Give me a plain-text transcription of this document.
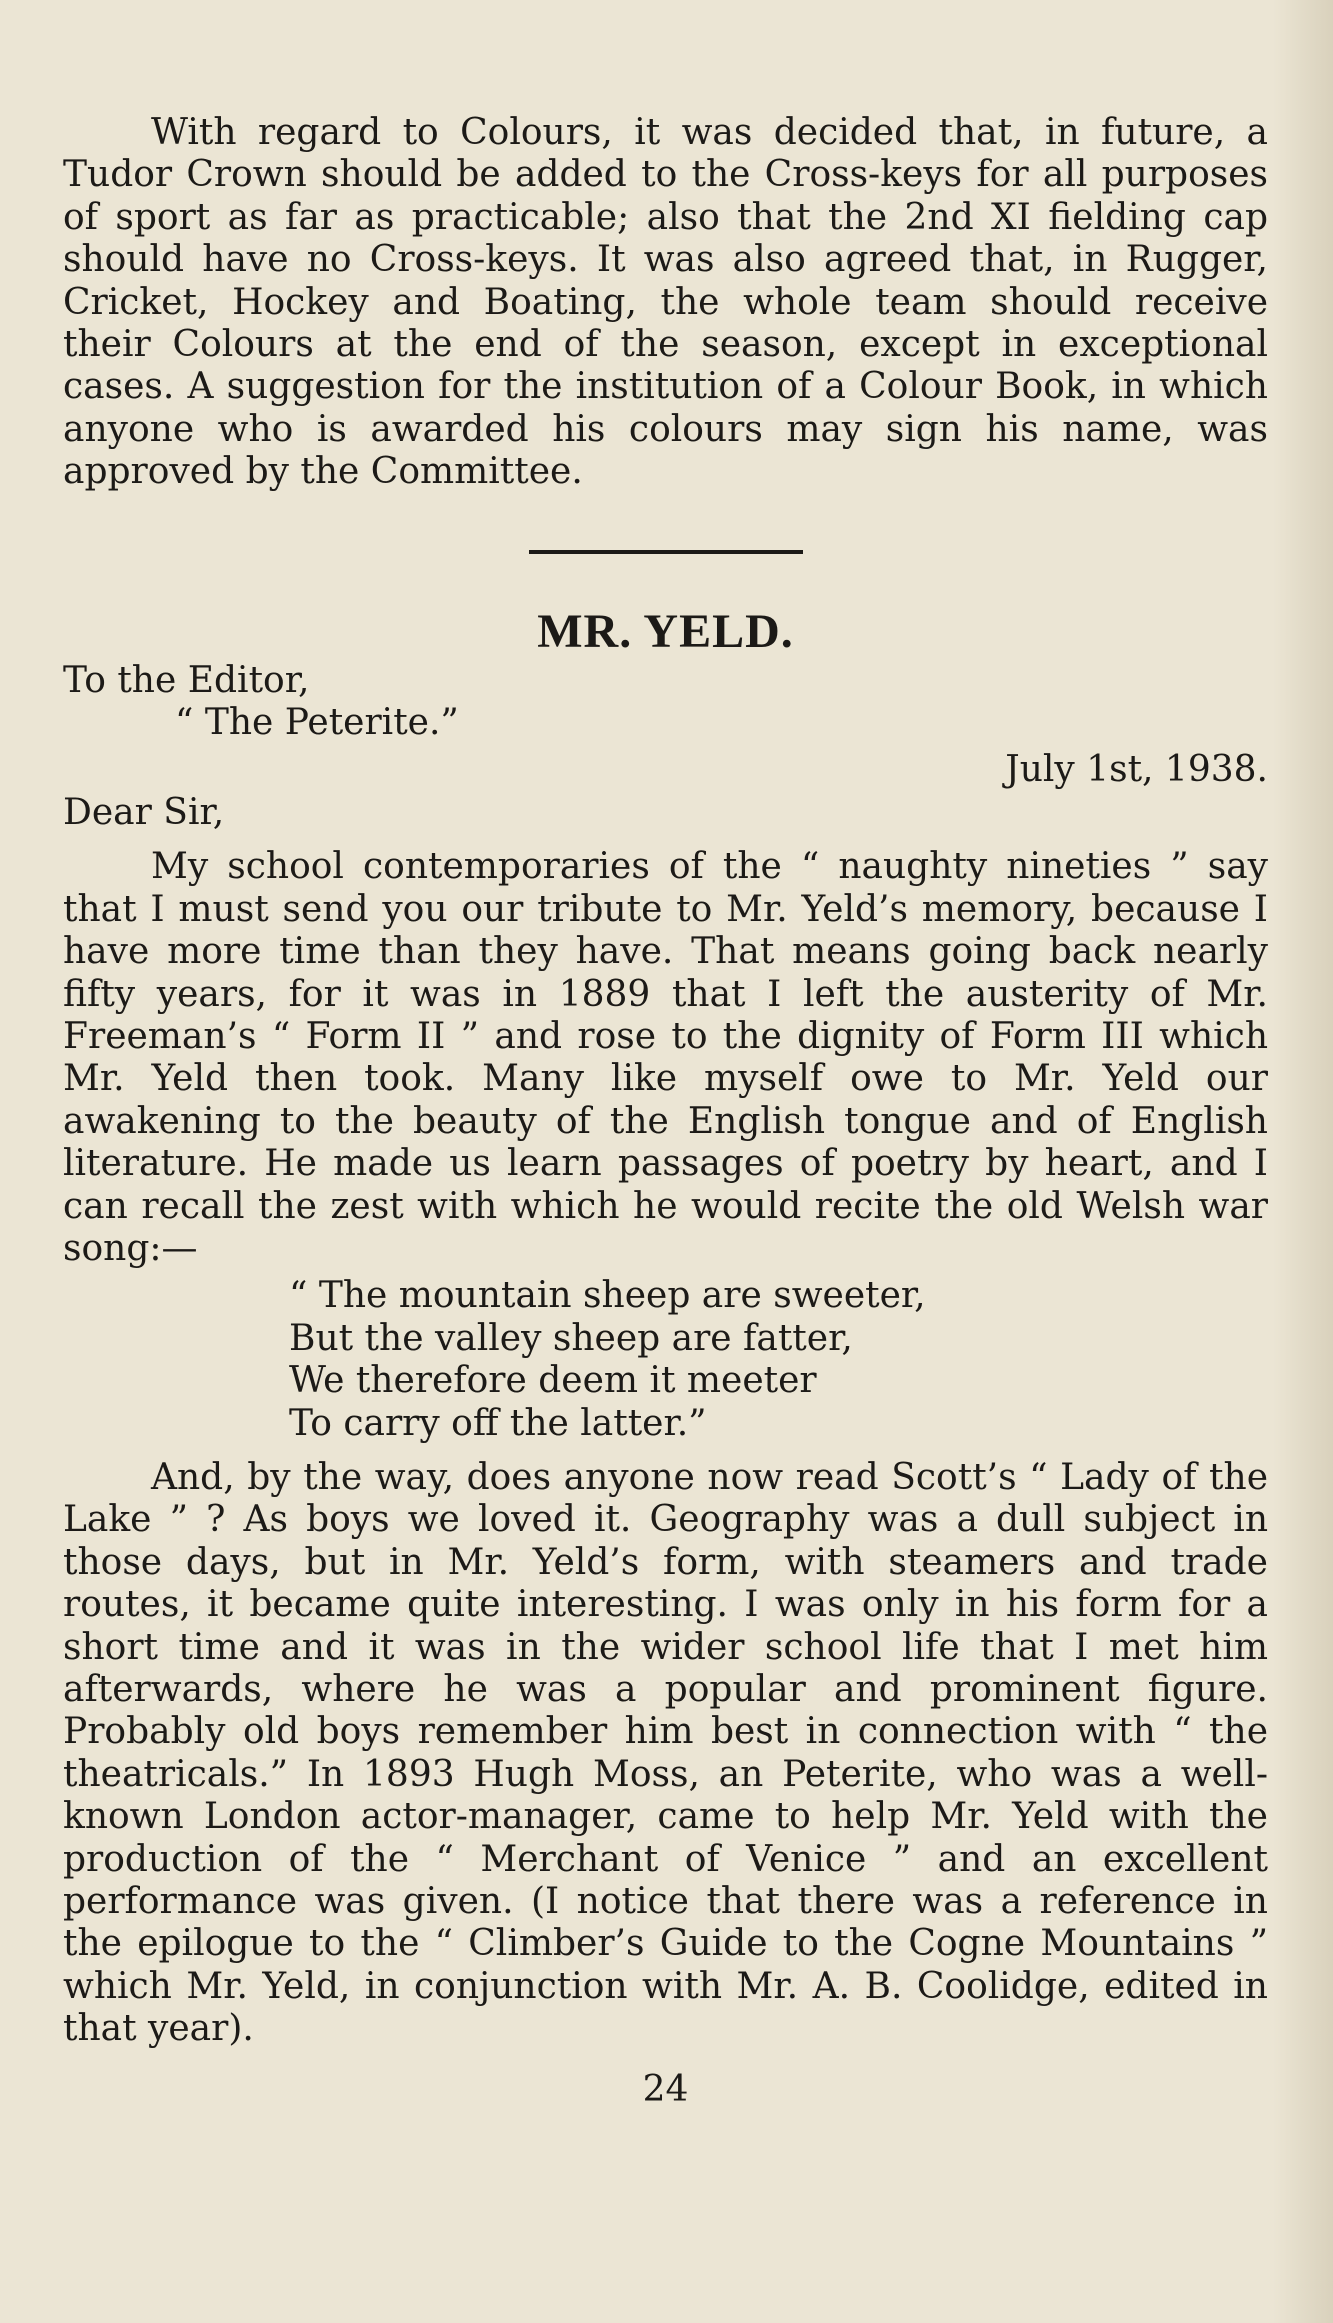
With regard to Colours, it was decided that, in future, a Tudor Crown should be added to the Cross-keys for all purposes of sport as far as practicable; also that the 2nd XI fielding cap should have no Cross-keys. It was also agreed that, in Rugger, Cricket, Hockey and Boating, the whole team should receive their Colours at the end of the season, except in exceptional cases. A suggestion for the institution of a Colour Book, in which anyone who is awarded his colours may sign his name, was approved by the Committee.

MR. YELD.

To the Editor,

“ The Peterite.”

July 1st, 1938.

Dear Sir,

My school contemporaries of the “ naughty nineties ” say that I must send you our tribute to Mr. Yeld’s memory, because I have more time than they have. That means going back nearly fifty years, for it was in 1889 that I left the austerity of Mr. Freeman’s “ Form II ” and rose to the dignity of Form III which Mr. Yeld then took. Many like myself owe to Mr. Yeld our awakening to the beauty of the English tongue and of English literature. He made us learn passages of poetry by heart, and I can recall the zest with which he would recite the old Welsh war song:—

“ The mountain sheep are sweeter,
But the valley sheep are fatter,
We therefore deem it meeter
To carry off the latter.”

And, by the way, does anyone now read Scott’s “ Lady of the Lake ” ? As boys we loved it. Geography was a dull subject in those days, but in Mr. Yeld’s form, with steamers and trade routes, it became quite interesting. I was only in his form for a short time and it was in the wider school life that I met him afterwards, where he was a popular and prominent figure. Probably old boys remember him best in connection with “ the theatricals.” In 1893 Hugh Moss, an Peterite, who was a well-known London actor-manager, came to help Mr. Yeld with the production of the “ Merchant of Venice ” and an excellent performance was given. (I notice that there was a reference in the epilogue to the “ Climber’s Guide to the Cogne Mountains ” which Mr. Yeld, in conjunction with Mr. A. B. Coolidge, edited in that year).

24
